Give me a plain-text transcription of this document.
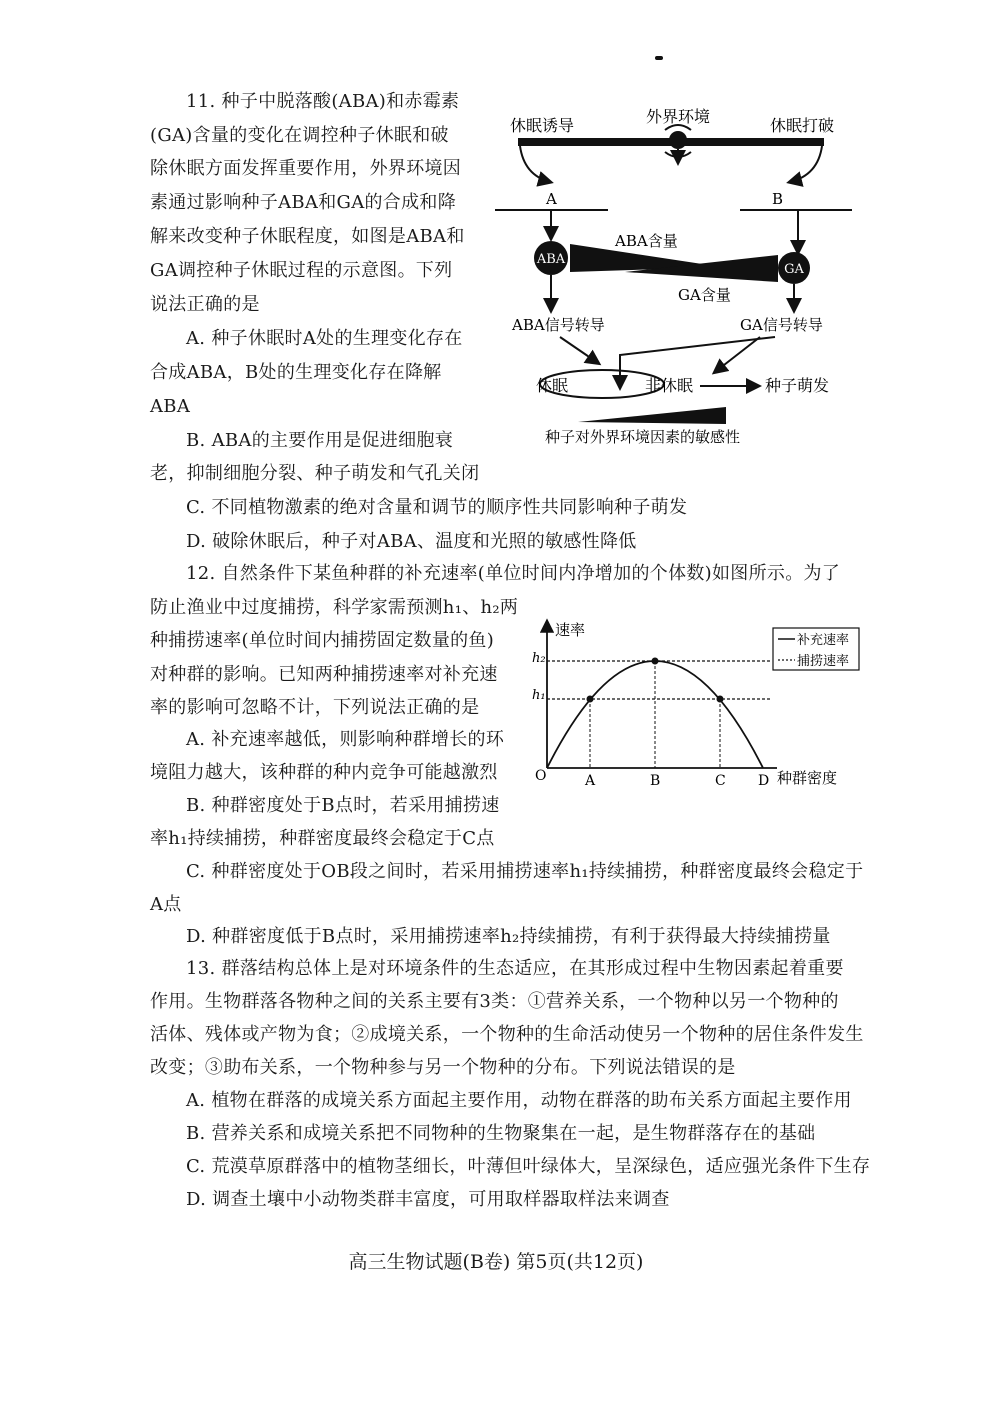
11. 种子中脱落酸(ABA)和赤霉素
(GA)含量的变化在调控种子休眠和破
除休眠方面发挥重要作用，外界环境因
素通过影响种子ABA和GA的合成和降
解来改变种子休眠程度，如图是ABA和
GA调控种子休眠过程的示意图。下列
说法正确的是
A. 种子休眠时A处的生理变化存在
合成ABA，B处的生理变化存在降解
ABA
B. ABA的主要作用是促进细胞衰
老，抑制细胞分裂、种子萌发和气孔关闭
C. 不同植物激素的绝对含量和调节的顺序性共同影响种子萌发
D. 破除休眠后，种子对ABA、温度和光照的敏感性降低
外界环境
休眠诱导	休眠打破
A	B
ABA
ABA含量
GA
GA含量
ABA信号转导	GA信号转导
休眠	非休眠	种子萌发
种子对外界环境因素的敏感性
12. 自然条件下某鱼种群的补充速率(单位时间内净增加的个体数)如图所示。为了
防止渔业中过度捕捞，科学家需预测h₁、h₂两
种捕捞速率(单位时间内捕捞固定数量的鱼)
对种群的影响。已知两种捕捞速率对补充速
率的影响可忽略不计，下列说法正确的是
A. 补充速率越低，则影响种群增长的环
境阻力越大，该种群的种内竞争可能越激烈
B. 种群密度处于B点时，若采用捕捞速
率h₁持续捕捞，种群密度最终会稳定于C点
C. 种群密度处于OB段之间时，若采用捕捞速率h₁持续捕捞，种群密度最终会稳定于
A点
D. 种群密度低于B点时，采用捕捞速率h₂持续捕捞，有利于获得最大持续捕捞量
速率
O	种群密度
h₂
h₁
A	B	C D
补充速率
捕捞速率
13. 群落结构总体上是对环境条件的生态适应，在其形成过程中生物因素起着重要
作用。生物群落各物种之间的关系主要有3类：①营养关系，一个物种以另一个物种的
活体、残体或产物为食；②成境关系，一个物种的生命活动使另一个物种的居住条件发生
改变；③助布关系，一个物种参与另一个物种的分布。下列说法错误的是
A. 植物在群落的成境关系方面起主要作用，动物在群落的助布关系方面起主要作用
B. 营养关系和成境关系把不同物种的生物聚集在一起，是生物群落存在的基础
C. 荒漠草原群落中的植物茎细长，叶薄但叶绿体大，呈深绿色，适应强光条件下生存
D. 调查土壤中小动物类群丰富度，可用取样器取样法来调查
高三生物试题(B卷) 第5页(共12页)
